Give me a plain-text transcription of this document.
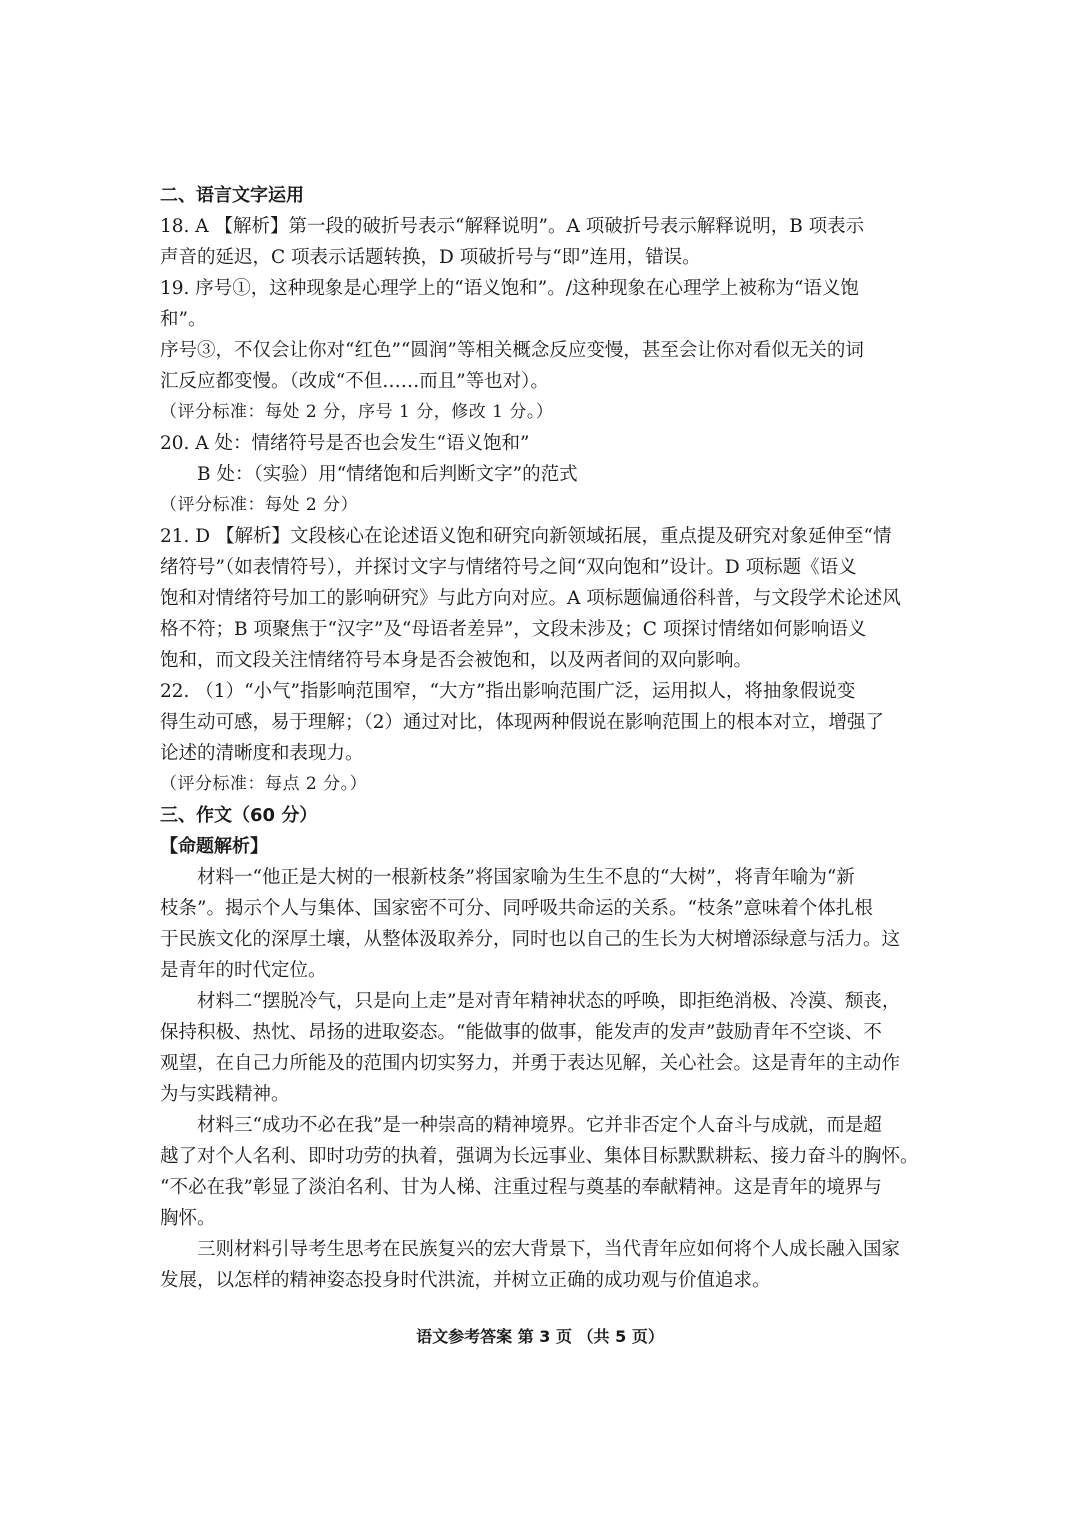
二、语言文字运用
18. A 【解析】第一段的破折号表示“解释说明”。A 项破折号表示解释说明，B 项表示
声音的延迟，C 项表示话题转换，D 项破折号与“即”连用，错误。
19. 序号①，这种现象是心理学上的“语义饱和”。/这种现象在心理学上被称为“语义饱
和”。
序号③，不仅会让你对“红色”“圆润”等相关概念反应变慢，甚至会让你对看似无关的词
汇反应都变慢。（改成“不但……而且”等也对）。
（评分标准：每处 2 分，序号 1 分，修改 1 分。）
20. A 处：情绪符号是否也会发生“语义饱和”
B 处：（实验）用“情绪饱和后判断文字”的范式
（评分标准：每处 2 分）
21. D 【解析】文段核心在论述语义饱和研究向新领域拓展，重点提及研究对象延伸至“情
绪符号”（如表情符号），并探讨文字与情绪符号之间“双向饱和”设计。D 项标题《语义
饱和对情绪符号加工的影响研究》与此方向对应。A 项标题偏通俗科普，与文段学术论述风
格不符；B 项聚焦于“汉字”及“母语者差异”，文段未涉及；C 项探讨情绪如何影响语义
饱和，而文段关注情绪符号本身是否会被饱和，以及两者间的双向影响。
22. （1）“小气”指影响范围窄，“大方”指出影响范围广泛，运用拟人，将抽象假说变
得生动可感，易于理解；（2）通过对比，体现两种假说在影响范围上的根本对立，增强了
论述的清晰度和表现力。
（评分标准：每点 2 分。）
三、作文（60 分）
【命题解析】
材料一“他正是大树的一根新枝条”将国家喻为生生不息的“大树”，将青年喻为“新
枝条”。揭示个人与集体、国家密不可分、同呼吸共命运的关系。“枝条”意味着个体扎根
于民族文化的深厚土壤，从整体汲取养分，同时也以自己的生长为大树增添绿意与活力。这
是青年的时代定位。
材料二“摆脱冷气，只是向上走”是对青年精神状态的呼唤，即拒绝消极、冷漠、颓丧，
保持积极、热忱、昂扬的进取姿态。“能做事的做事，能发声的发声”鼓励青年不空谈、不
观望，在自己力所能及的范围内切实努力，并勇于表达见解，关心社会。这是青年的主动作
为与实践精神。
材料三“成功不必在我”是一种崇高的精神境界。它并非否定个人奋斗与成就，而是超
越了对个人名利、即时功劳的执着，强调为长远事业、集体目标默默耕耘、接力奋斗的胸怀。
“不必在我”彰显了淡泊名利、甘为人梯、注重过程与奠基的奉献精神。这是青年的境界与
胸怀。
三则材料引导考生思考在民族复兴的宏大背景下，当代青年应如何将个人成长融入国家
发展，以怎样的精神姿态投身时代洪流，并树立正确的成功观与价值追求。
语文参考答案 第 3 页 （共 5 页）
